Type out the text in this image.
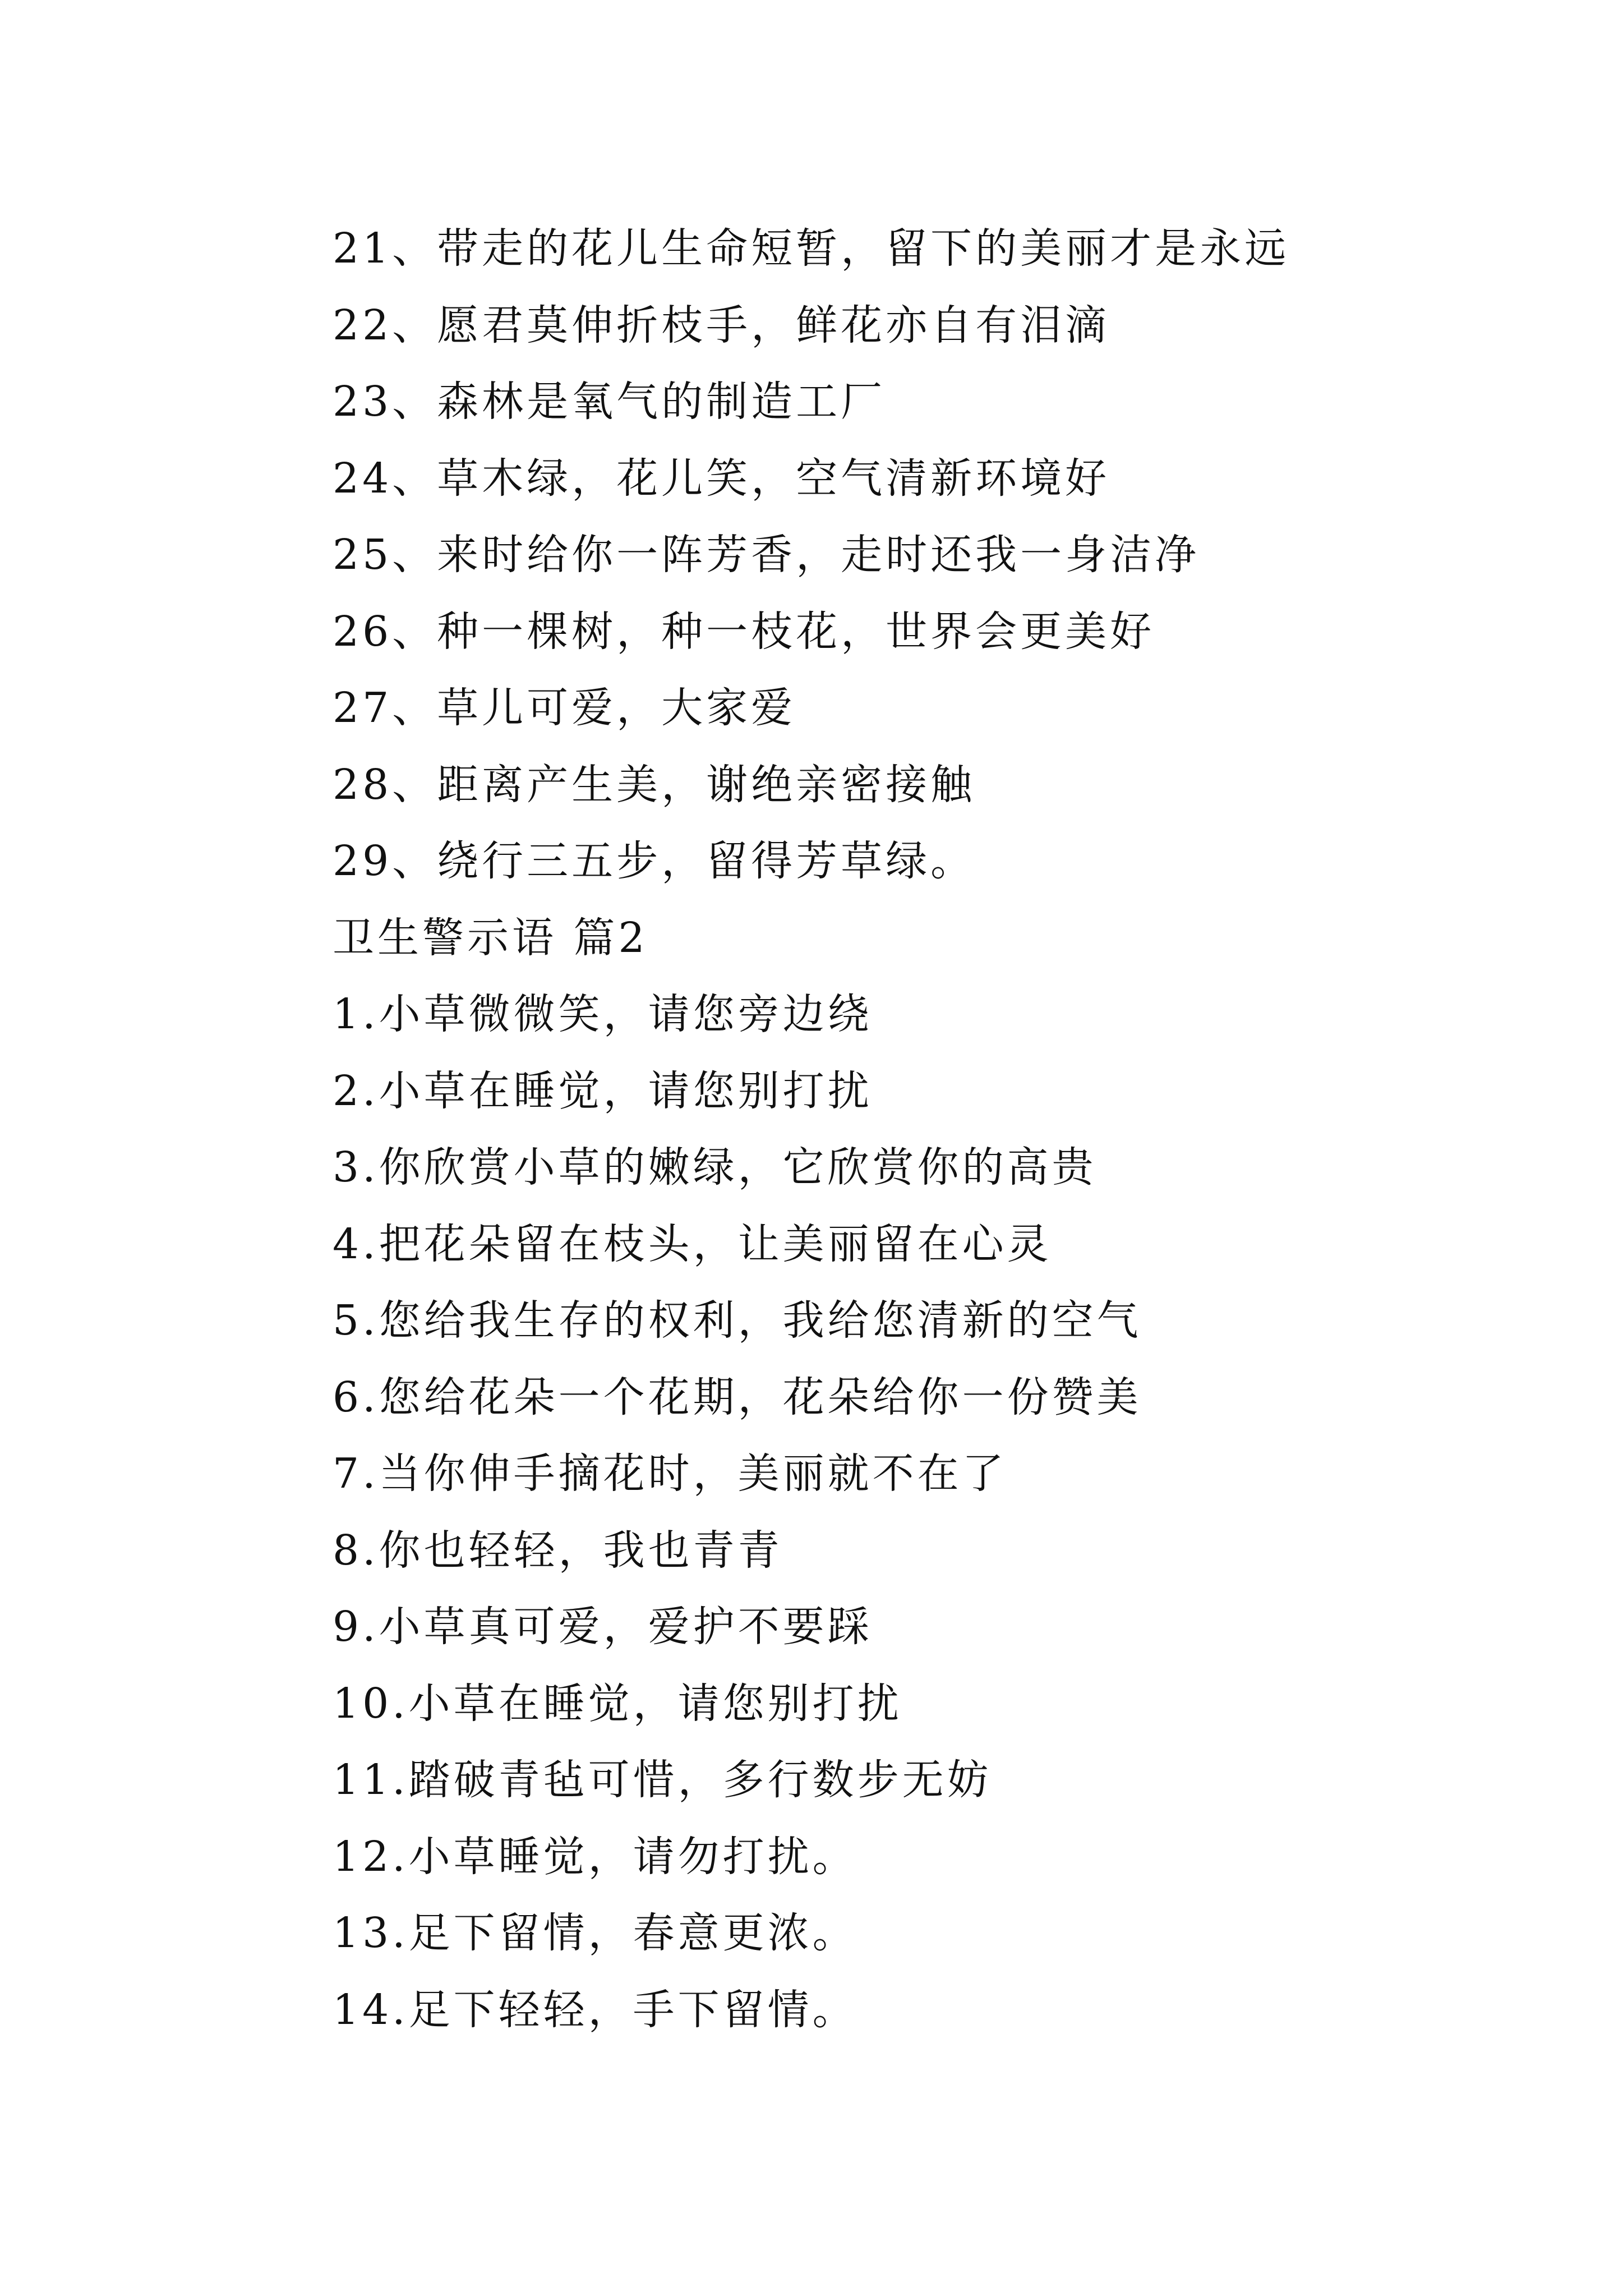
21、带走的花儿生命短暂，留下的美丽才是永远
22、愿君莫伸折枝手，鲜花亦自有泪滴
23、森林是氧气的制造工厂
24、草木绿，花儿笑，空气清新环境好
25、来时给你一阵芳香，走时还我一身洁净
26、种一棵树，种一枝花，世界会更美好
27、草儿可爱，大家爱
28、距离产生美，谢绝亲密接触
29、绕行三五步，留得芳草绿。
卫生警示语 篇2
1.小草微微笑，请您旁边绕
2.小草在睡觉，请您别打扰
3.你欣赏小草的嫩绿，它欣赏你的高贵
4.把花朵留在枝头，让美丽留在心灵
5.您给我生存的权利，我给您清新的空气
6.您给花朵一个花期，花朵给你一份赞美
7.当你伸手摘花时，美丽就不在了
8.你也轻轻，我也青青
9.小草真可爱，爱护不要踩
10.小草在睡觉，请您别打扰
11.踏破青毡可惜，多行数步无妨
12.小草睡觉，请勿打扰。
13.足下留情，春意更浓。
14.足下轻轻，手下留情。
